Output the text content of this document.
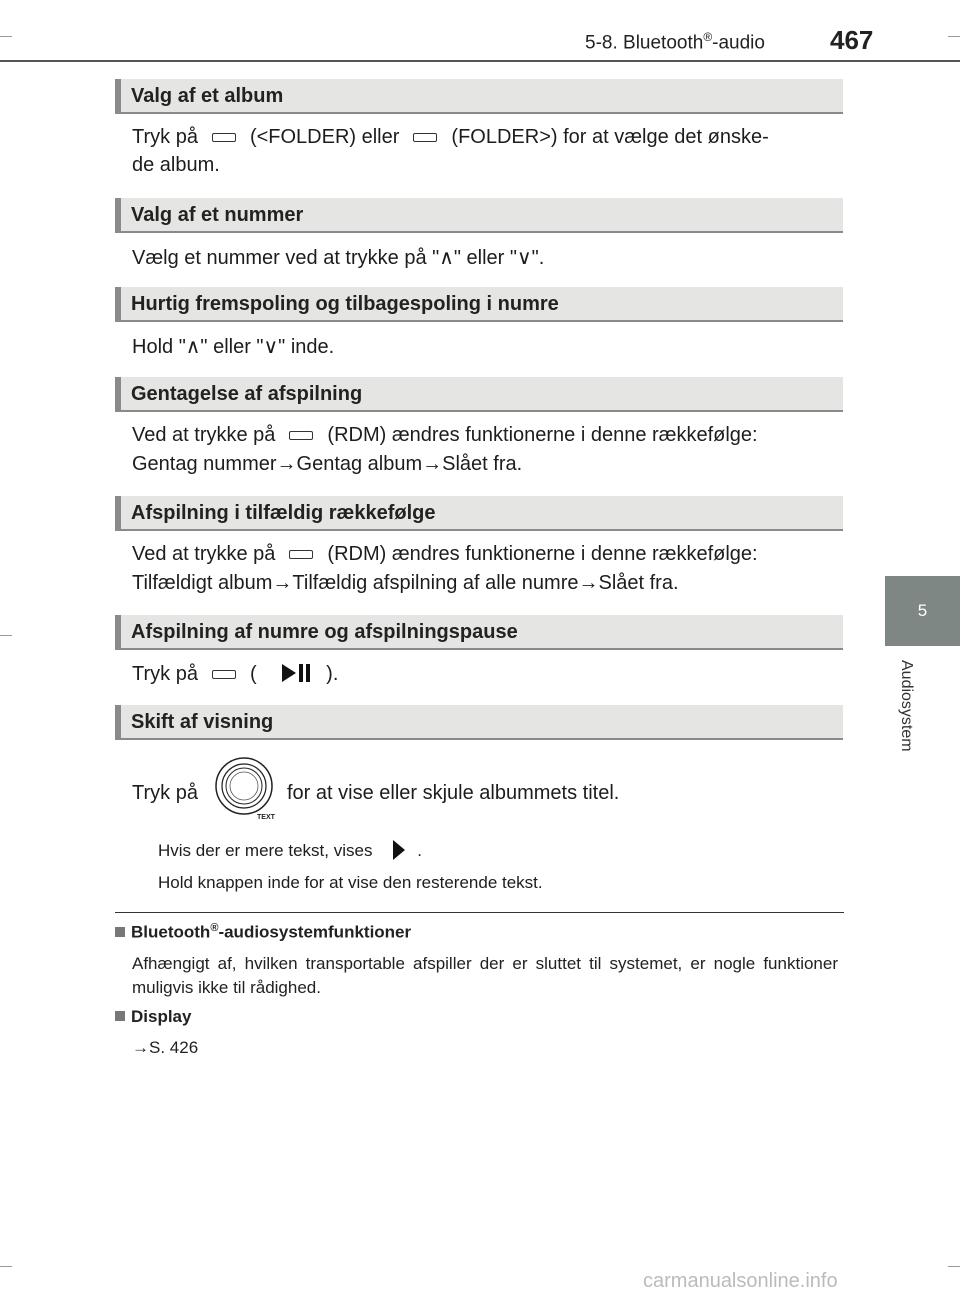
5-8. Bluetooth®-audio	467
5
Audiosystem
Valg af et album
Tryk på	(<FOLDER) eller	(FOLDER>) for at vælge det ønske-
de album.
Valg af et nummer
Vælg et nummer ved at trykke på "∧" eller "∨".
Hurtig fremspoling og tilbagespoling i numre
Hold "∧" eller "∨" inde.
Gentagelse af afspilning
Ved at trykke på	(RDM) ændres funktionerne i denne rækkefølge:
Gentag nummer→Gentag album→Slået fra.
Afspilning i tilfældig rækkefølge
Ved at trykke på	(RDM) ændres funktionerne i denne rækkefølge:
Tilfældigt album→Tilfældig afspilning af alle numre→Slået fra.
Afspilning af numre og afspilningspause
Tryk på	(	).
Skift af visning
Tryk på
TEXT
for at vise eller skjule albummets titel.
Hvis der er mere tekst, vises	.
Hold knappen inde for at vise den resterende tekst.
Bluetooth®-audiosystemfunktioner
Afhængigt af, hvilken transportable afspiller der er sluttet til systemet, er nogle funktioner muligvis ikke til rådighed.
Display
→S. 426
carmanualsonline.info
